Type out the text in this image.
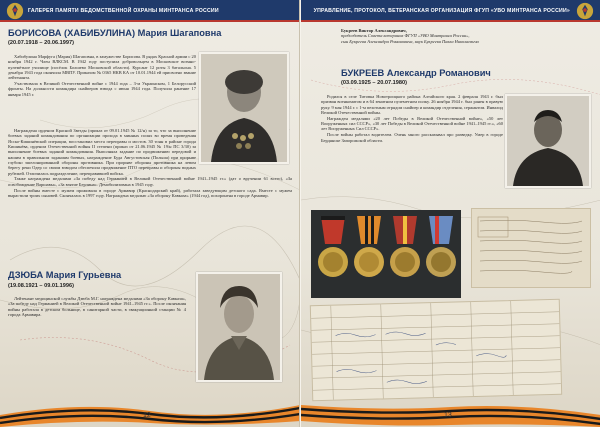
ГАЛЕРЕЯ ПАМЯТИ ВЕДОМСТВЕННОЙ ОХРАНЫ МИНТРАНСА РОССИИ
БОРИСОВА (ХАБИБУЛИНА) Мария Шагаповна
(20.07.1918 – 20.06.1997)

Хабибулина Марфуга (Мария) Шагаповна, в замужестве Борисова. В рядах Красной армии с 20 ноября 1942 г. Член ВЛКСМ. В 1942 году поступила добровольцем в Московское военно-пулемётное училище (посёлок Болшево Московской области). Курсант 12 роты 3 батальона. 5 декабря 1943 года окончила МВПУ. Приказом № 0365 НКВ КА от 10.01.1944 ей присвоено звание лейтенанта.

Участвовала в Великой Отечественной войне с 1944 года – 3-м Украинском, 1 Белорусский фронты. На должности командира снайперов взвода с июня 1944 года. Получила ранение 17 января 1945 г.

Награждена орденом Красной Звезды (приказ от 09.01.1945 № 12/н) за то, что за выполнение боевых заданий командования по организации прохода в минных полях во время проведения Ясско-Кишинёвской операции, восстановил места переправы и мостов. 30 тонн в районе города Кишинёва, орденом Отечественной войны II степени (приказ от 21.06.1945 № 19/н ПС 3/30) за выполнение боевых заданий командования. Выполняла задание по продвижению передовой и нашим в правильном заданиям боевых, награждение Буда Августовская (Польша) при прорыве глубоко эшелонированной обороны противника. При прорыве обороны противника на левом берегу реки Одер со своим взводом обеспечила продвижение ПТО переправы и обороны водных рубежей. Отличилась подразделение, переправившей войска.

Также награждена медалями «За победу над Германией в Великой Отечественной войне 1941–1945 гг.» (дат о вручении 61 всего), «За освобождение Варшавы», «За взятие Берлина». Демобилизована в 1945 году.

После войны вместе с мужем проживала в городе Армавир (Краснодарский край), работала заведующим детского сада. Вместе с мужем вырастили троих сыновей. Скончалась в 1997 году. Награждена медалью «За оборону Кавказа» (1944 год), похоронена в городе Армавир.

ДЗЮБА Мария Гурьевна
(19.08.1921 – 09.01.1996)

Лейтенант медицинской службы Дзюба М.Г. награждена медалями «За оборону Кавказа», «За победу над Германией в Великой Отечественной войне 1941–1945 гг.». После окончания войны работала в детском больнице, в санитарной части, в эвакуационной станции № 4 города Армавира.

12
УПРАВЛЕНИЕ, ПРОТОКОЛ, ВЕТЕРАНСКАЯ ОРГАНИЗАЦИЯ ФГУП «УВО МИНТРАНСА РОССИИ»
Букреев Виктор Александрович,
председатель Совета ветеранов ФГУП «УВО Минтранса России»,
сын Букреева Александра Романовича, внук Букреева Павла Николаевича
БУКРЕЕВ Александр Романович
(03.09.1925 – 20.07.1980)

Родился в селе Титовка Новотроицкого района Алтайского края. 2 февраля 1943 г. был призван военкоматом и в 64 зенитном пулеметном полку. 26 ноября 1944 г. был ранен в правую руку. 9 мая 1944 г. с 1-м пехотным отрядом снайпер и командир отделения, сержантом. Инвалид Великой Отечественной войны.

Награжден медалями «20 лет Победы в Великой Отечественной войне», «50 лет Вооруженных сил СССР», «30 лет Победы в Великой Отечественной войне 1941–1945 гг.», «60 лет Вооруженных Сил СССР».

После войны работал водителем. Очень много рассказывал про разведку. Умер в городе Бердянске Запорожской области.

13
